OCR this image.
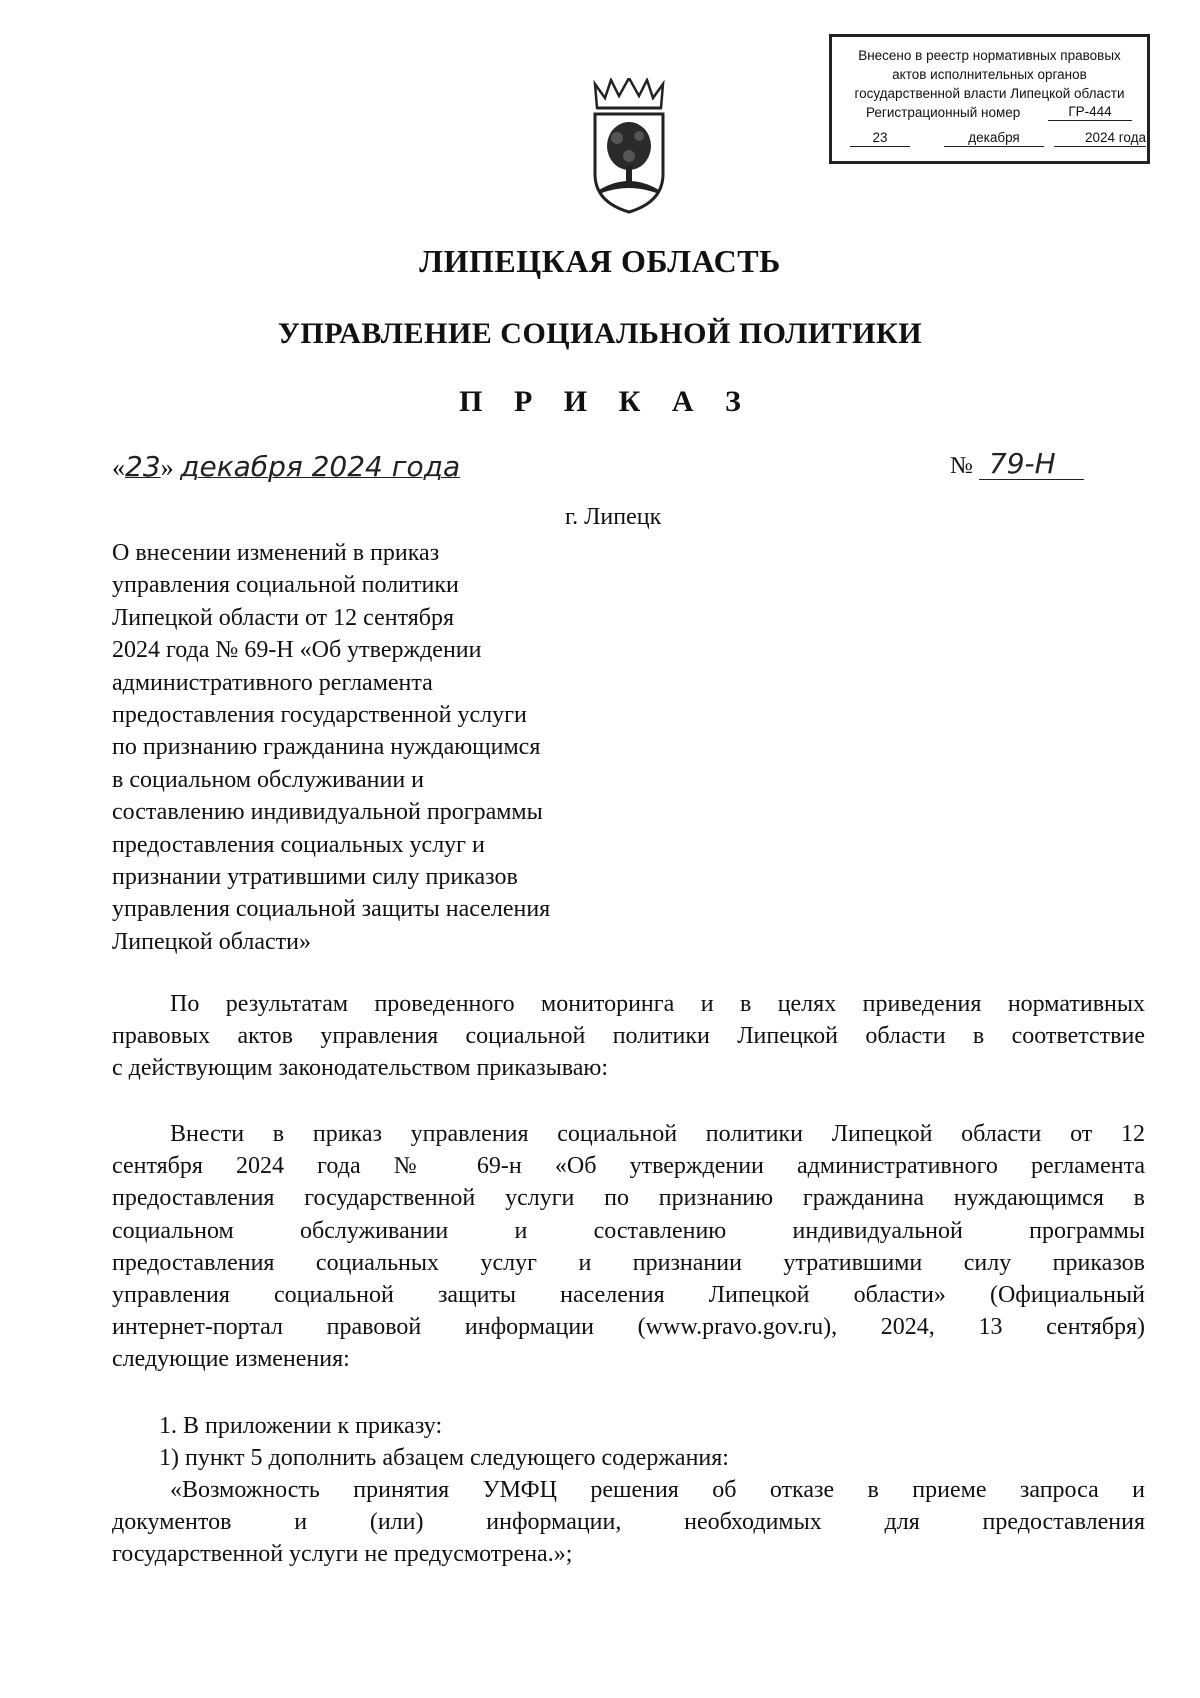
Внесено в реестр нормативных правовых
актов исполнительных органов
государственной власти Липецкой области
Регистрационный номер	ГР-444
23	декабря	2024 года
ЛИПЕЦКАЯ ОБЛАСТЬ
УПРАВЛЕНИЕ СОЦИАЛЬНОЙ ПОЛИТИКИ
П Р И К А З
«23» декабря 2024 года	№ 79-Н
г. Липецк
О внесении изменений в приказ
управления социальной политики
Липецкой области от 12 сентября
2024 года № 69-Н «Об утверждении
административного регламента
предоставления государственной услуги
по признанию гражданина нуждающимся
в социальном обслуживании и
составлению индивидуальной программы
предоставления социальных услуг и
признании утратившими силу приказов
управления социальной защиты населения
Липецкой области»
По результатам проведенного мониторинга и в целях приведения нормативных
правовых актов управления социальной политики Липецкой области в соответствие
с действующим законодательством приказываю:
Внести в приказ управления социальной политики Липецкой области от 12
сентября 2024 года № 69-н «Об утверждении административного регламента
предоставления государственной услуги по признанию гражданина нуждающимся в
социальном обслуживании и составлению индивидуальной программы
предоставления социальных услуг и признании утратившими силу приказов
управления социальной защиты населения Липецкой области» (Официальный
интернет-портал правовой информации (www.pravo.gov.ru), 2024, 13 сентября)
следующие изменения:
1. В приложении к приказу:
1) пункт 5 дополнить абзацем следующего содержания:
«Возможность принятия УМФЦ решения об отказе в приеме запроса и
документов и (или) информации, необходимых для предоставления
государственной услуги не предусмотрена.»;
